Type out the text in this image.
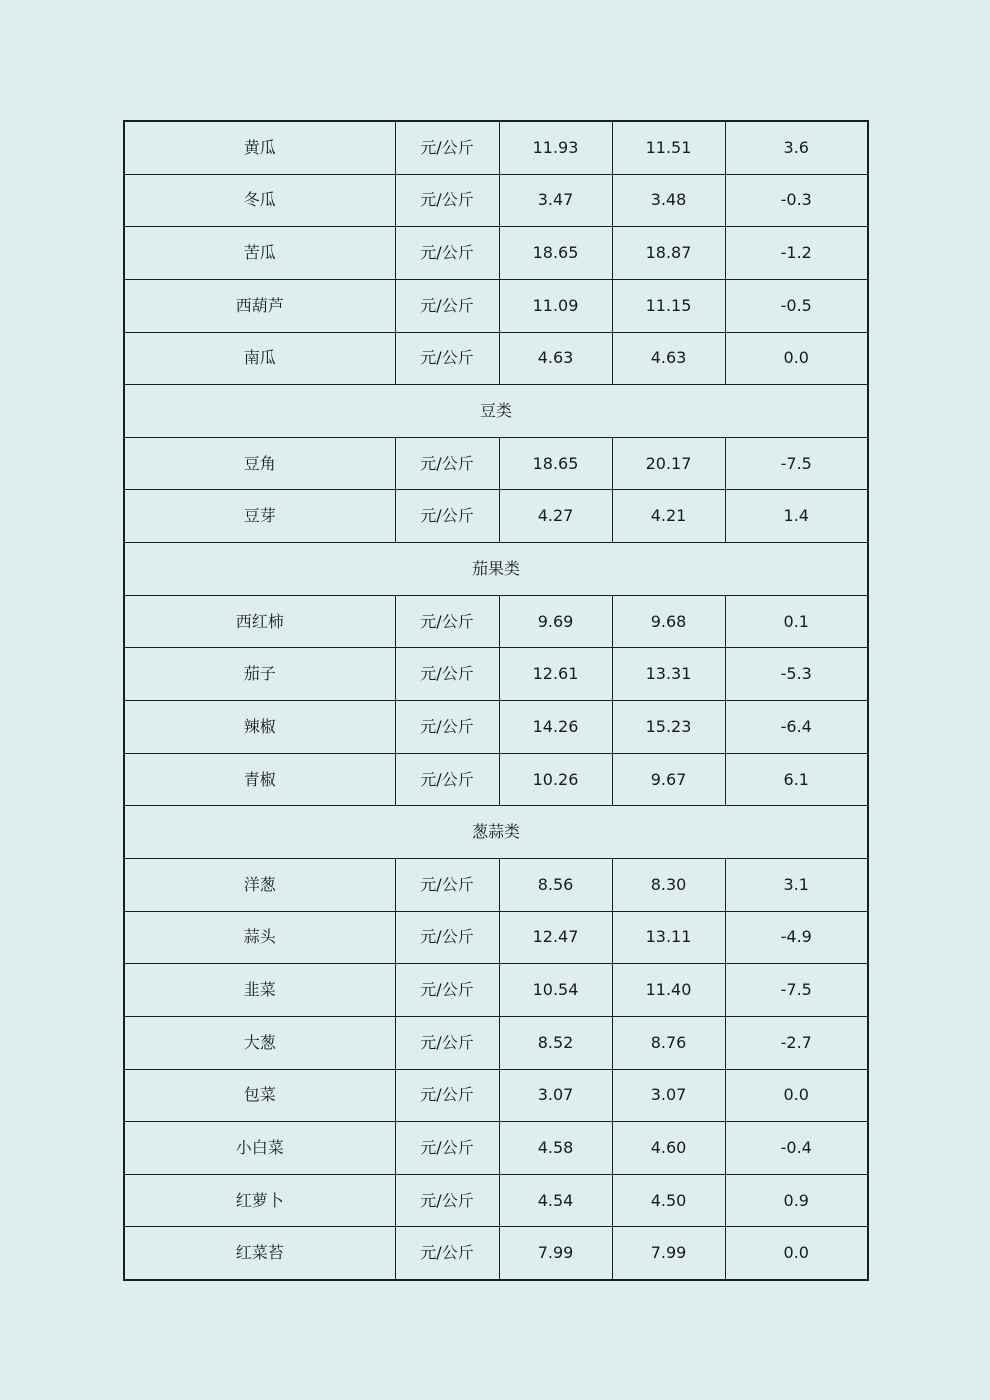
黄瓜	元/公斤	11.93	11.51	3.6
冬瓜	元/公斤	3.47	3.48	-0.3
苦瓜	元/公斤	18.65	18.87	-1.2
西葫芦	元/公斤	11.09	11.15	-0.5
南瓜	元/公斤	4.63	4.63	0.0
豆类				
豆角	元/公斤	18.65	20.17	-7.5
豆芽	元/公斤	4.27	4.21	1.4
茄果类				
西红柿	元/公斤	9.69	9.68	0.1
茄子	元/公斤	12.61	13.31	-5.3
辣椒	元/公斤	14.26	15.23	-6.4
青椒	元/公斤	10.26	9.67	6.1
葱蒜类				
洋葱	元/公斤	8.56	8.30	3.1
蒜头	元/公斤	12.47	13.11	-4.9
韭菜	元/公斤	10.54	11.40	-7.5
大葱	元/公斤	8.52	8.76	-2.7
包菜	元/公斤	3.07	3.07	0.0
小白菜	元/公斤	4.58	4.60	-0.4
红萝卜	元/公斤	4.54	4.50	0.9
红菜苔	元/公斤	7.99	7.99	0.0
